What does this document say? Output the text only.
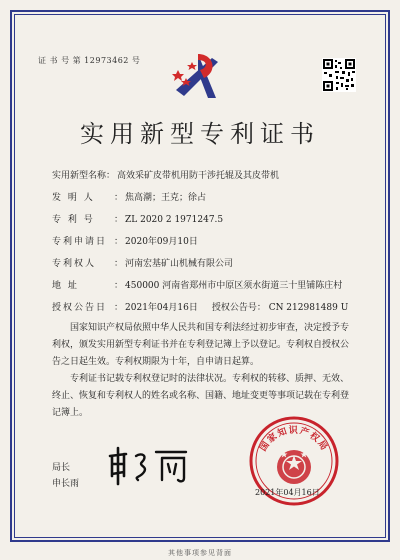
证 书 号 第 12973462 号
实用新型专利证书
实用新型名称： 高效采矿皮带机用防干涉托辊及其皮带机
发 明 人 ： 焦高潮；王克；徐占
专 利 号 ： ZL 2020 2 1971247.5
专利申请日 ： 2020年09月10日
专利权人 ： 河南宏基矿山机械有限公司
地 址	： 450000 河南省郑州市中原区须水街道三十里铺陈庄村
授权公告日 ： 2021年04月16日 授权公告号： CN 212981489 U

国家知识产权局依照中华人民共和国专利法经过初步审查，决定授予专利权，颁发实用新型专利证书并在专利登记簿上予以登记。专利权自授权公告之日起生效。专利权期限为十年，自申请日起算。

专利证书记载专利权登记时的法律状况。专利权的转移、质押、无效、终止、恢复和专利权人的姓名或名称、国籍、地址变更等事项记载在专利登记簿上。

国家知识产权局
局长
申长雨
2021年04月16日
其他事项参见背面
